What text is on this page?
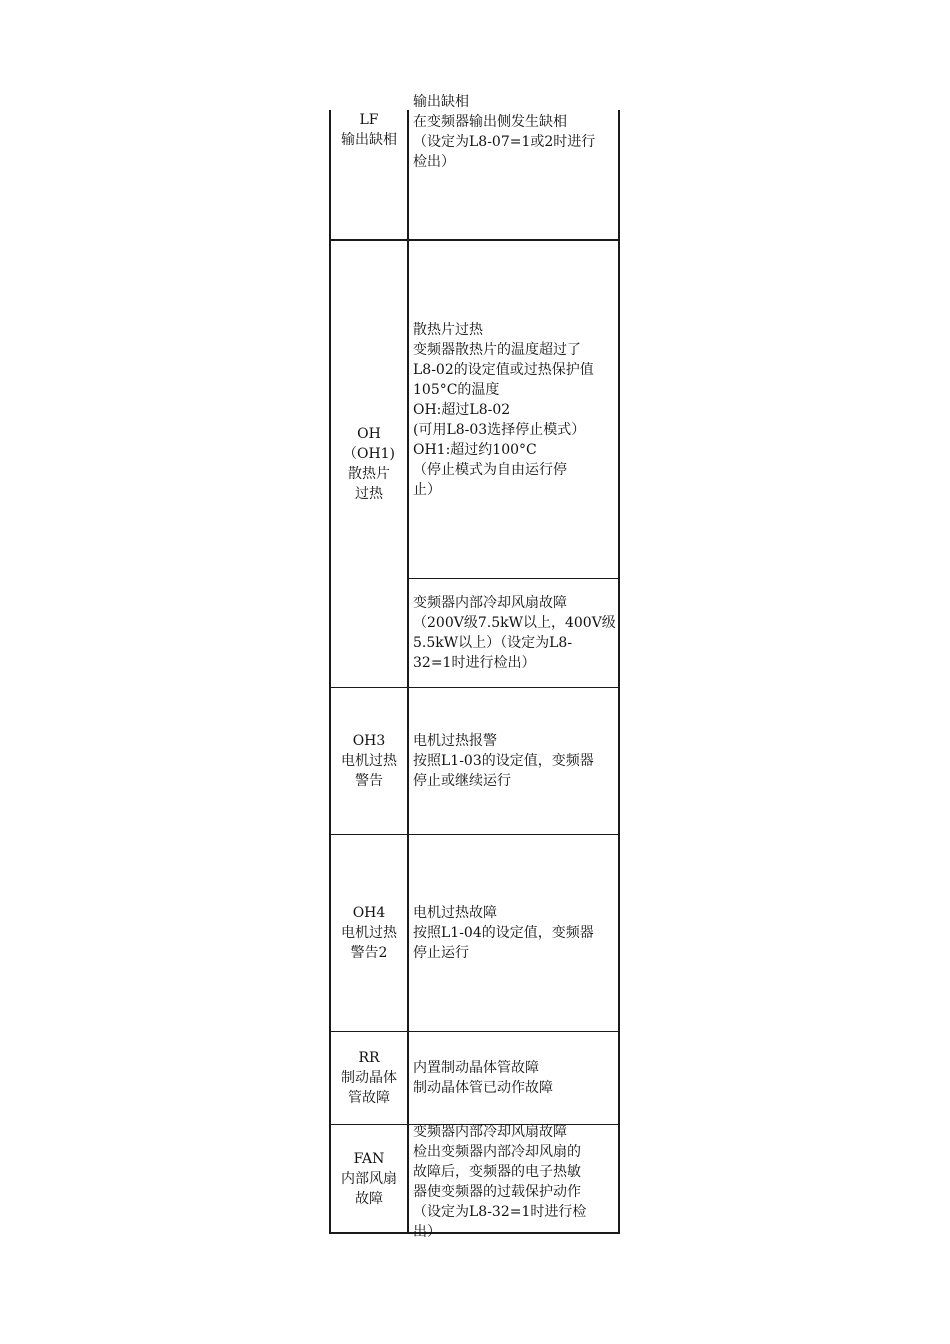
输出缺相
在变频器输出侧发生缺相
（设定为L8-07=1或2时进行
检出）
LF
输出缺相
OH
（OH1)
散热片
过热
散热片过热
变频器散热片的温度超过了
L8-02的设定值或过热保护值
105°C的温度
OH:超过L8-02
(可用L8-03选择停止模式）
OH1:超过约100°C
（停止模式为自由运行停
止）
变频器内部冷却风扇故障
（200V级7.5kW以上，400V级
5.5kW以上）（设定为L8-
32=1时进行检出）
OH3
电机过热
警告
电机过热报警
按照L1-03的设定值，变频器
停止或继续运行
OH4
电机过热
警告2
电机过热故障
按照L1-04的设定值，变频器
停止运行
RR
制动晶体
管故障
内置制动晶体管故障
制动晶体管已动作故障
FAN
内部风扇
故障
变频器内部冷却风扇故障
检出变频器内部冷却风扇的
故障后，变频器的电子热敏
器使变频器的过载保护动作
（设定为L8-32=1时进行检
出）
